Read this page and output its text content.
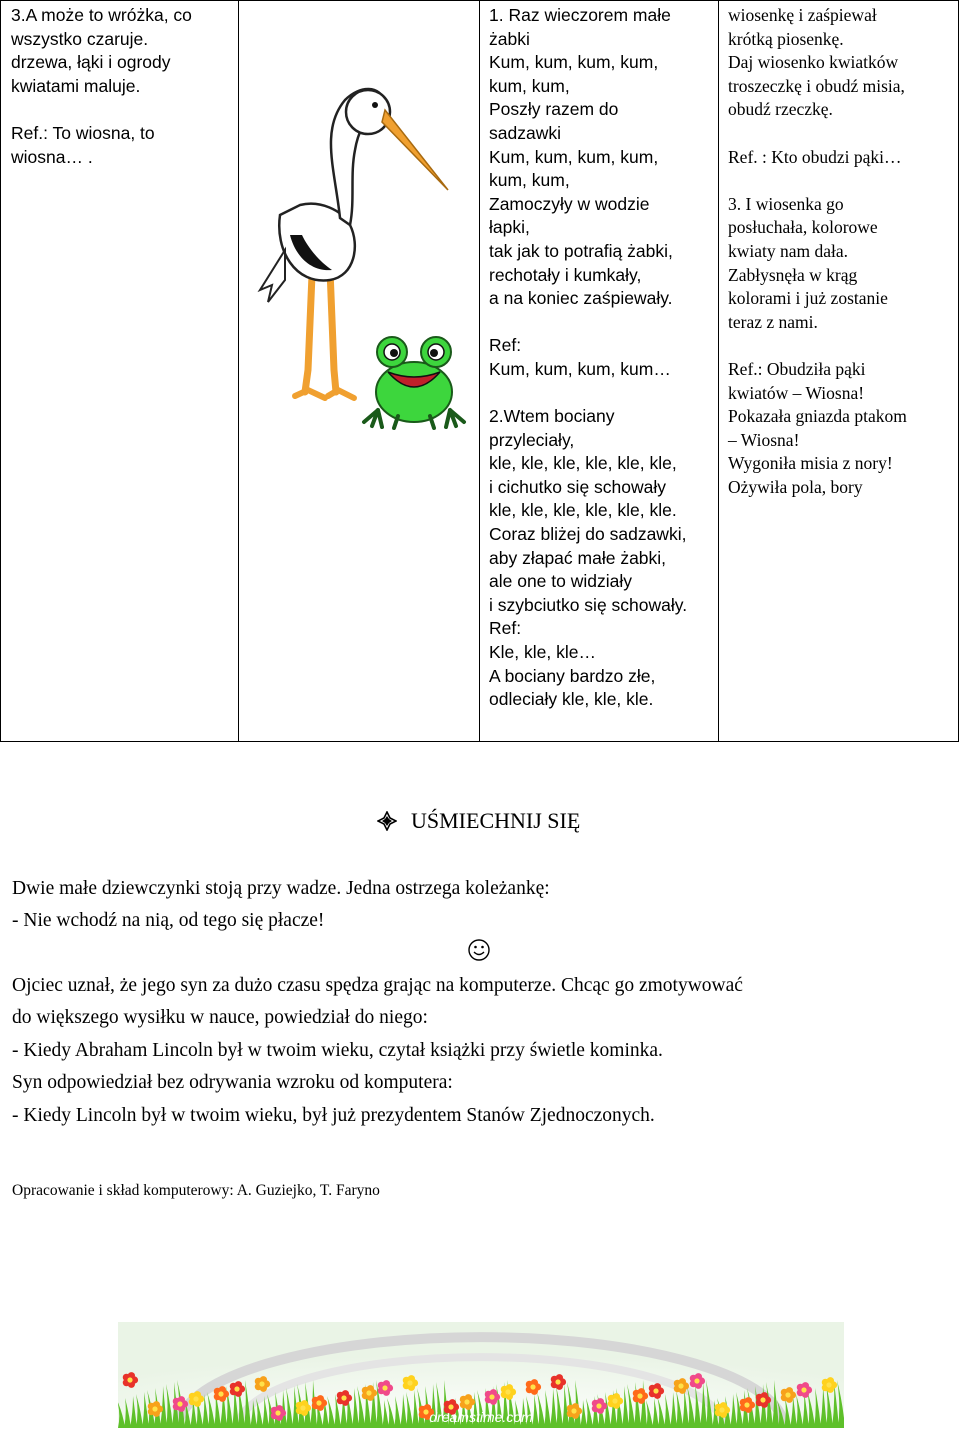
3.A może to wróżka, co
wszystko czaruje.
drzewa, łąki i ogrody
kwiatami maluje.
Ref.: To wiosna, to
wiosna… .

1. Raz wieczorem małe
żabki
Kum, kum, kum, kum,
kum, kum,
Poszły razem do
sadzawki
Kum, kum, kum, kum,
kum, kum,
Zamoczyły w wodzie
łapki,
tak jak to potrafią żabki,
rechotały i kumkały,
a na koniec zaśpiewały.
Ref:
Kum, kum, kum, kum…
2.Wtem bociany
przyleciały,
kle, kle, kle, kle, kle, kle,
i cichutko się schowały
kle, kle, kle, kle, kle, kle.
Coraz bliżej do sadzawki,
aby złapać małe żabki,
ale one to widziały
i szybciutko się schowały.
Ref:
Kle, kle, kle…
A bociany bardzo złe,
odleciały kle, kle, kle.

wiosenkę i zaśpiewał
krótką piosenkę.
Daj wiosenko kwiatków
troszeczkę i obudź misia,
obudź rzeczkę.
Ref. : Kto obudzi pąki…
3. I wiosenka go
posłuchała, kolorowe
kwiaty nam dała.
Zabłysnęła w krąg
kolorami i już zostanie
teraz z nami.
Ref.: Obudziła pąki
kwiatów – Wiosna!
Pokazała gniazda ptakom
– Wiosna!
Wygoniła misia z nory!
Ożywiła pola, bory
UŚMIECHNIJ SIĘ
Dwie małe dziewczynki stoją przy wadze. Jedna ostrzega koleżankę:
- Nie wchodź na nią, od tego się płacze!
Ojciec uznał, że jego syn za dużo czasu spędza grając na komputerze. Chcąc go zmotywować
do większego wysiłku w nauce, powiedział do niego:
- Kiedy Abraham Lincoln był w twoim wieku, czytał książki przy świetle kominka.
Syn odpowiedział bez odrywania wzroku od komputera:
- Kiedy Lincoln był w twoim wieku, był już prezydentem Stanów Zjednoczonych.
Opracowanie i skład komputerowy: A. Guziejko, T. Faryno
dreamstime.com
